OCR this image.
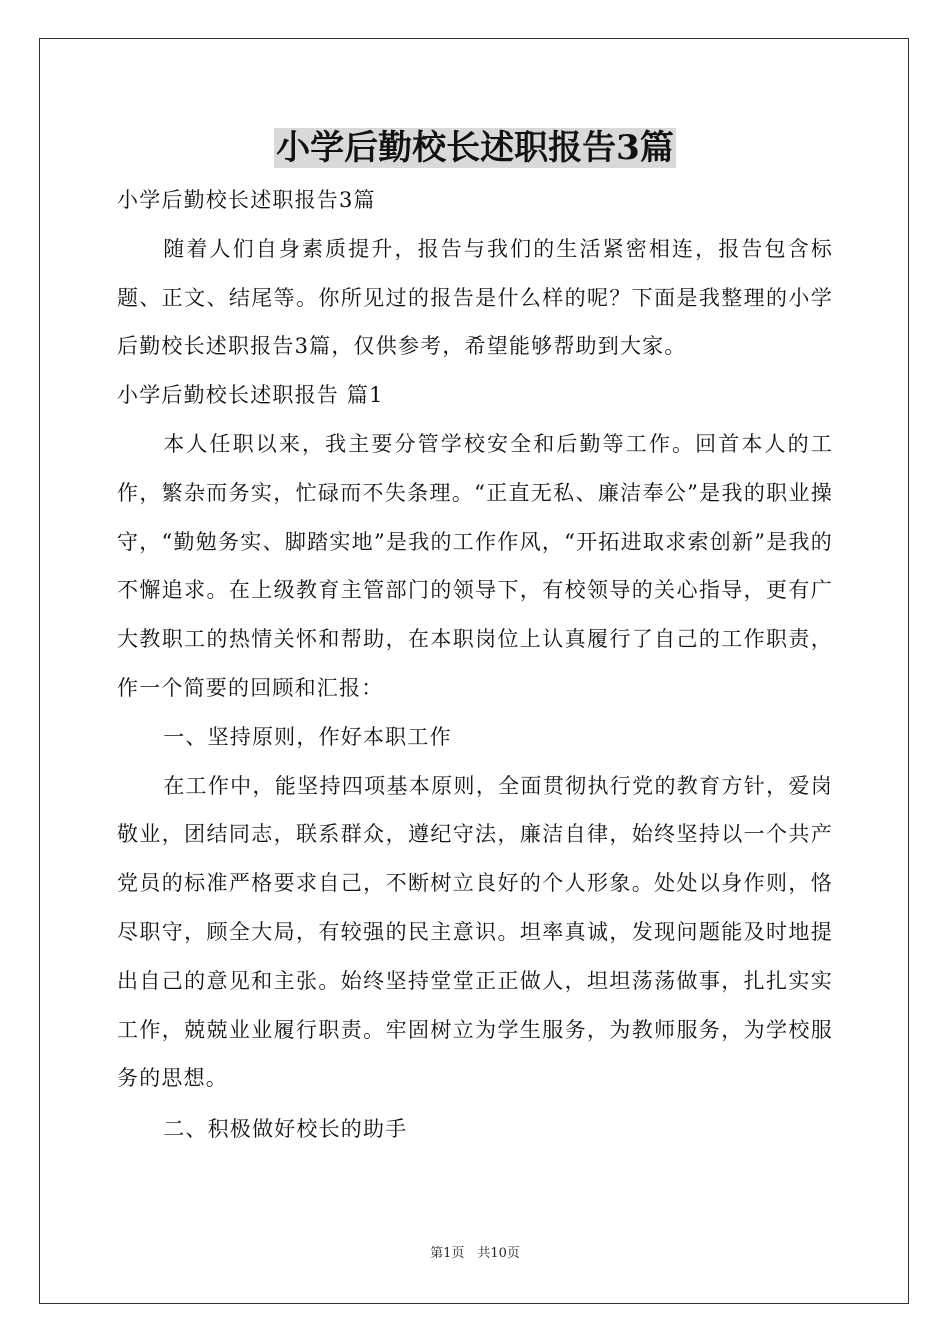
小学后勤校长述职报告3篇

小学后勤校长述职报告3篇

随着人们自身素质提升，报告与我们的生活紧密相连，报告包含标题、正文、结尾等。你所见过的报告是什么样的呢？下面是我整理的小学后勤校长述职报告3篇，仅供参考，希望能够帮助到大家。

小学后勤校长述职报告 篇1

本人任职以来，我主要分管学校安全和后勤等工作。回首本人的工作，繁杂而务实，忙碌而不失条理。“正直无私、廉洁奉公”是我的职业操守，“勤勉务实、脚踏实地”是我的工作作风，“开拓进取求索创新”是我的不懈追求。在上级教育主管部门的领导下，有校领导的关心指导，更有广大教职工的热情关怀和帮助，在本职岗位上认真履行了自己的工作职责，作一个简要的回顾和汇报：

一、坚持原则，作好本职工作

在工作中，能坚持四项基本原则，全面贯彻执行党的教育方针，爱岗敬业，团结同志，联系群众，遵纪守法，廉洁自律，始终坚持以一个共产党员的标准严格要求自己，不断树立良好的个人形象。处处以身作则，恪尽职守，顾全大局，有较强的民主意识。坦率真诚，发现问题能及时地提出自己的意见和主张。始终坚持堂堂正正做人，坦坦荡荡做事，扎扎实实工作，兢兢业业履行职责。牢固树立为学生服务，为教师服务，为学校服务的思想。

二、积极做好校长的助手

第1页　共10页
